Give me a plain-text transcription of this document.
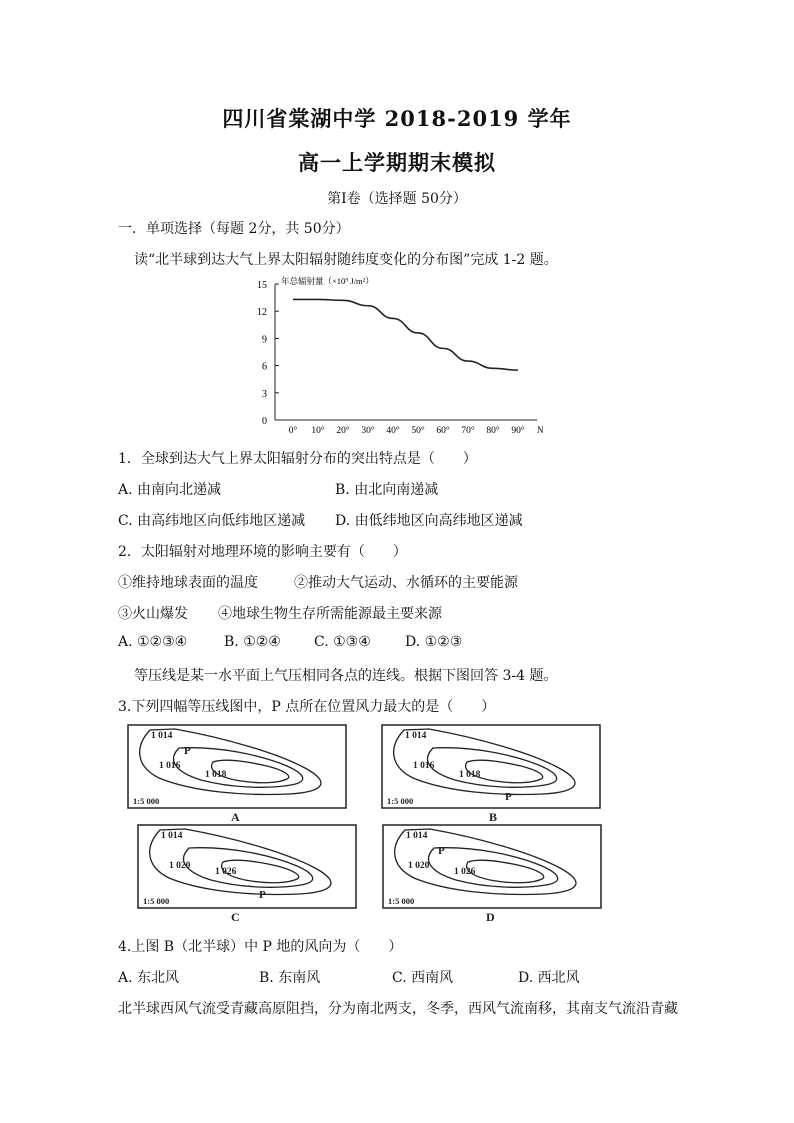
四川省棠湖中学 2018-2019 学年
高一上学期期末模拟
第Ⅰ卷（选择题 50分）
一．单项选择（每题 2分，共 50分）
读“北半球到达大气上界太阳辐射随纬度变化的分布图”完成 1-2 题。
年总辐射量（×10⁹ J/m²）
N
0
3
6
9
12
15
0° 10° 20° 30° 40° 50° 60° 70° 80° 90°
1．全球到达大气上界太阳辐射分布的突出特点是（　　）
A. 由南向北递减	B. 由北向南递减
C. 由高纬地区向低纬地区递减 D. 由低纬地区向高纬地区递减
2．太阳辐射对地理环境的影响主要有（　　）
①维持地球表面的温度	②推动大气运动、水循环的主要能源
③火山爆发 ④地球生物生存所需能源最主要来源
A. ①②③④	B. ①②④ C. ①③④ D. ①②③
等压线是某一水平面上气压相同各点的连线。根据下图回答 3-4 题。
3.下列四幅等压线图中，P 点所在位置风力最大的是（　　）
1 014
1 016
1 018
P
1:5 000
A
1 014
1 016
1 018
P
1:5 000
B
1 014
1 020
1 026
P
1:5 000
C
1 014
1 020
1 026
P
1:5 000
D
4.上图 B（北半球）中 P 地的风向为（　　）
A. 东北风	B. 东南风	C. 西南风	D. 西北风
北半球西风气流受青藏高原阻挡，分为南北两支，冬季，西风气流南移，其南支气流沿青藏
